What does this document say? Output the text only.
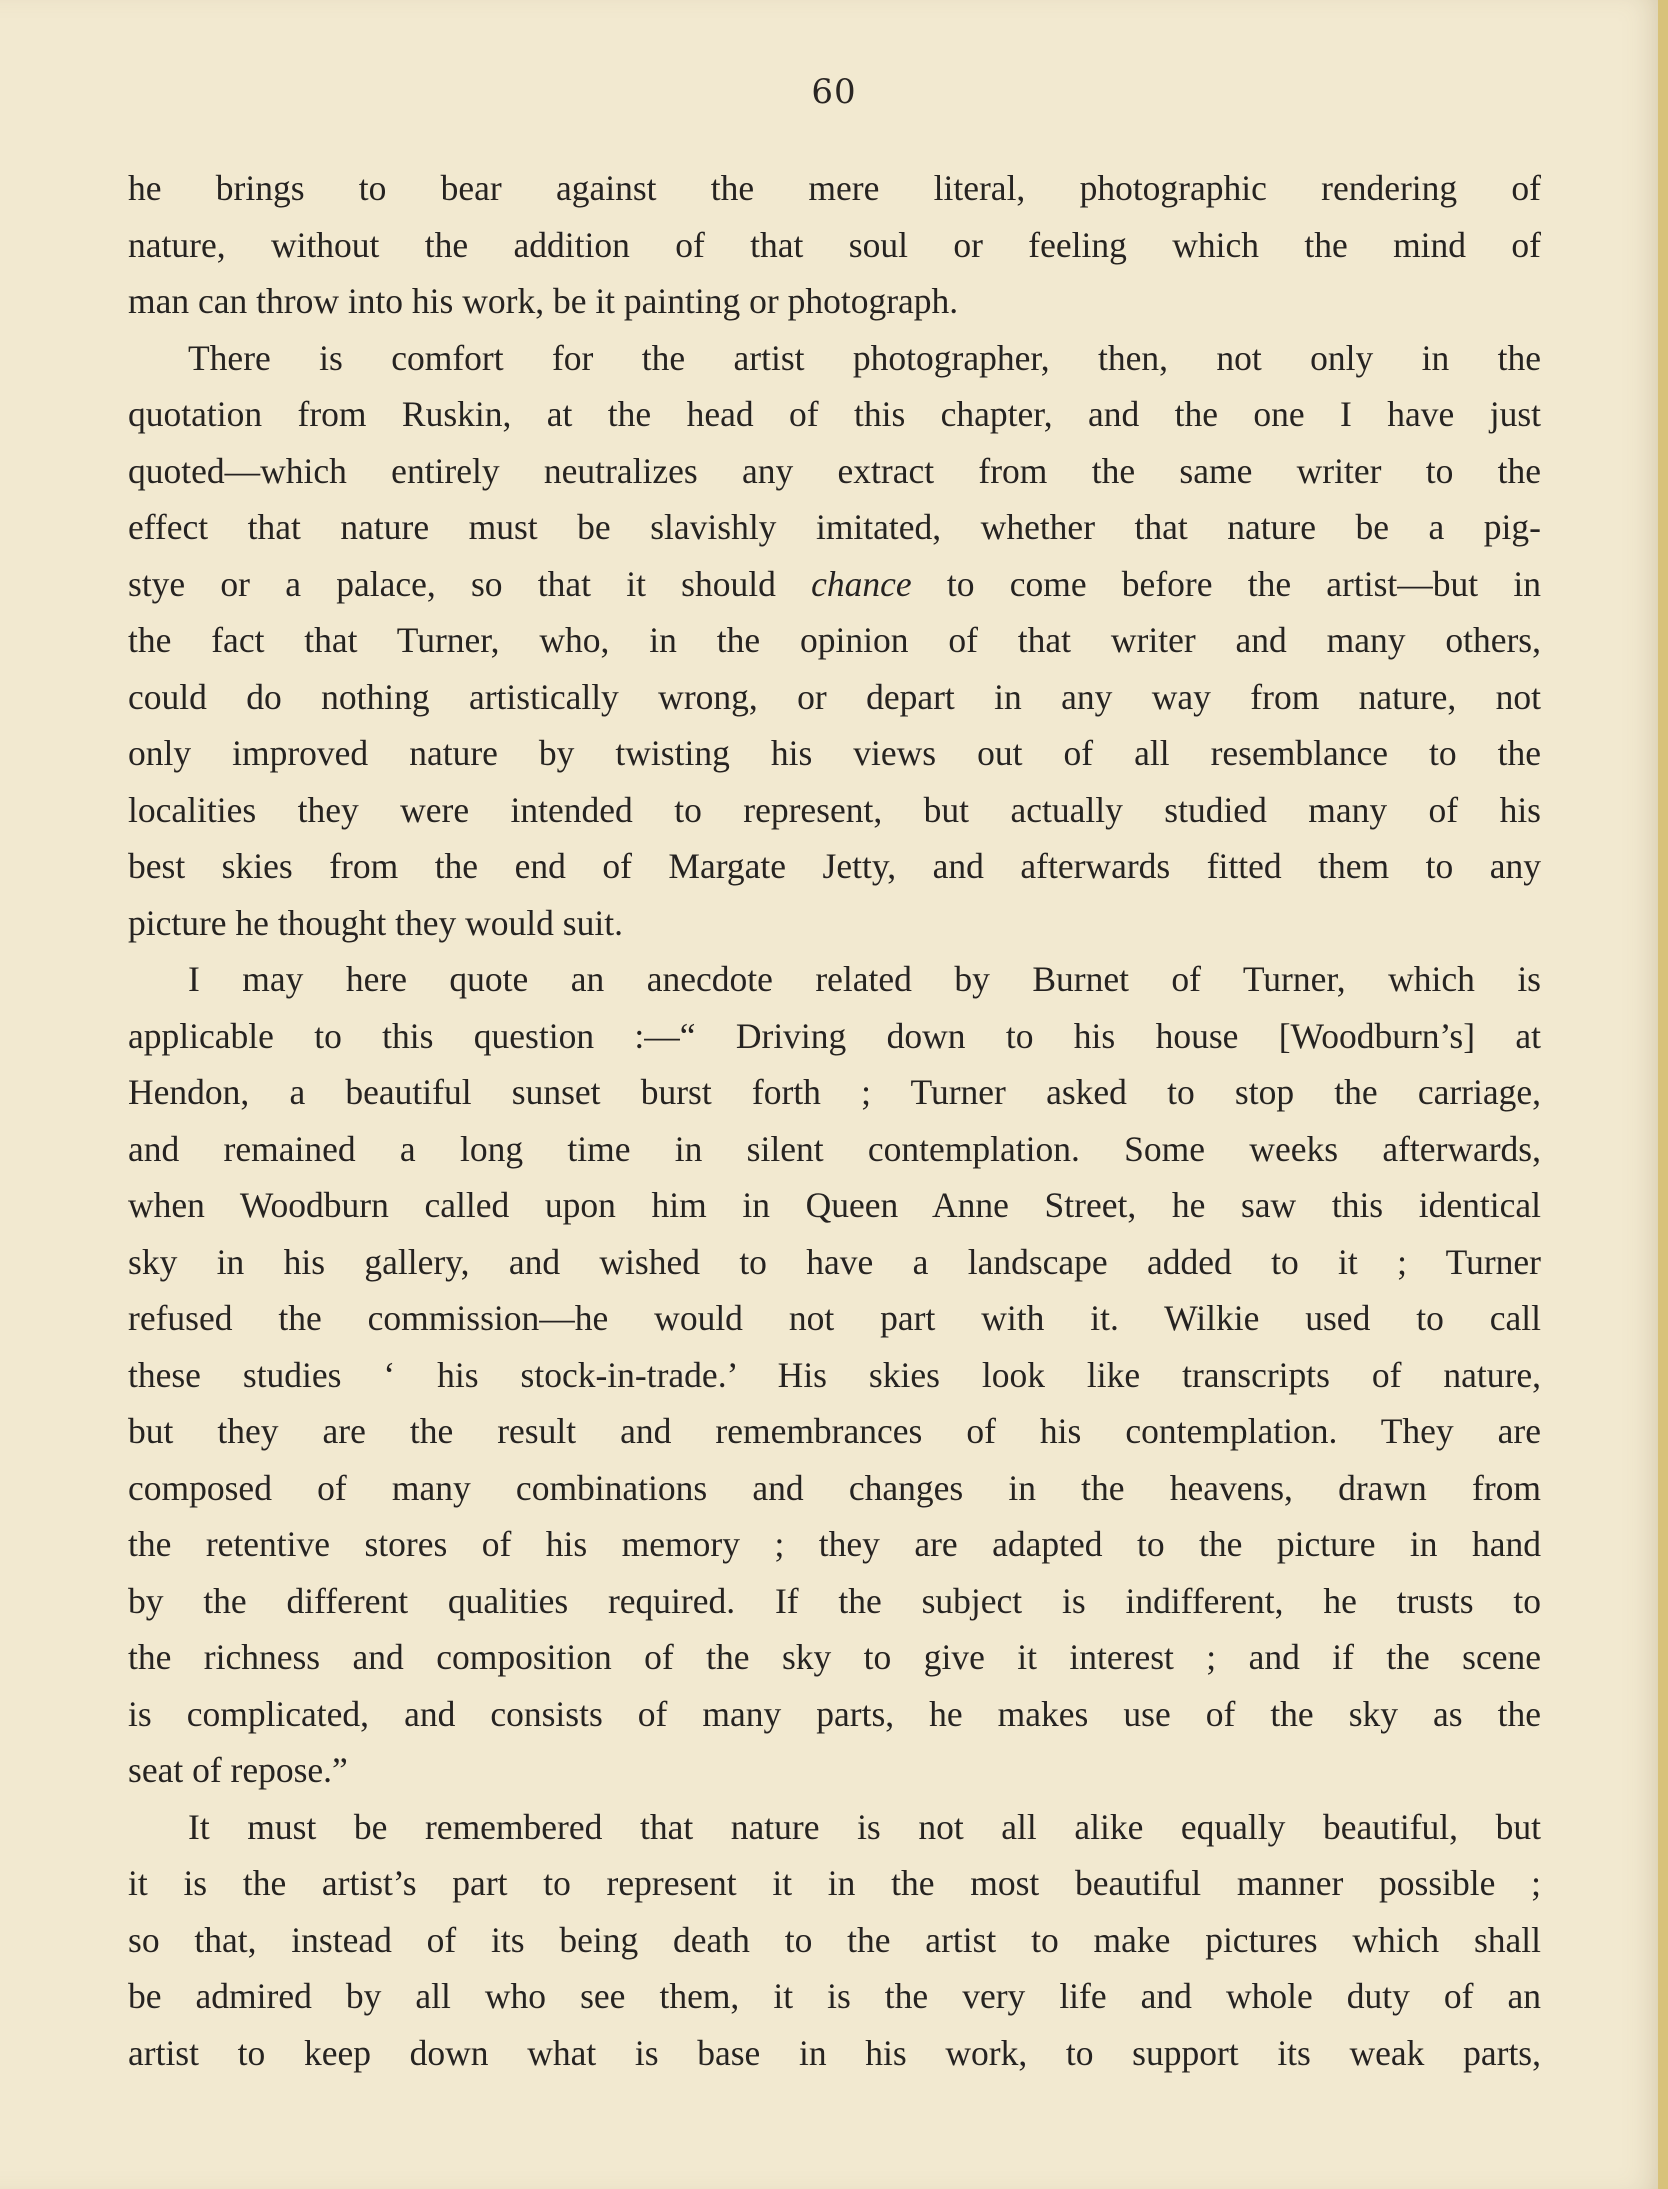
60
he brings to bear against the mere literal, photographic rendering of
nature, without the addition of that soul or feeling which the mind of
man can throw into his work, be it painting or photograph.
There is comfort for the artist photographer, then, not only in the
quotation from Ruskin, at the head of this chapter, and the one I have just
quoted—which entirely neutralizes any extract from the same writer to the
effect that nature must be slavishly imitated, whether that nature be a pig-
stye or a palace, so that it should chance to come before the artist—but in
the fact that Turner, who, in the opinion of that writer and many others,
could do nothing artistically wrong, or depart in any way from nature, not
only improved nature by twisting his views out of all resemblance to the
localities they were intended to represent, but actually studied many of his
best skies from the end of Margate Jetty, and afterwards fitted them to any
picture he thought they would suit.
I may here quote an anecdote related by Burnet of Turner, which is
applicable to this question :—“ Driving down to his house [Woodburn’s] at
Hendon, a beautiful sunset burst forth ; Turner asked to stop the carriage,
and remained a long time in silent contemplation. Some weeks afterwards,
when Woodburn called upon him in Queen Anne Street, he saw this identical
sky in his gallery, and wished to have a landscape added to it ; Turner
refused the commission—he would not part with it. Wilkie used to call
these studies ‘ his stock-in-trade.’ His skies look like transcripts of nature,
but they are the result and remembrances of his contemplation. They are
composed of many combinations and changes in the heavens, drawn from
the retentive stores of his memory ; they are adapted to the picture in hand
by the different qualities required. If the subject is indifferent, he trusts to
the richness and composition of the sky to give it interest ; and if the scene
is complicated, and consists of many parts, he makes use of the sky as the
seat of repose.”
It must be remembered that nature is not all alike equally beautiful, but
it is the artist’s part to represent it in the most beautiful manner possible ;
so that, instead of its being death to the artist to make pictures which shall
be admired by all who see them, it is the very life and whole duty of an
artist to keep down what is base in his work, to support its weak parts,
